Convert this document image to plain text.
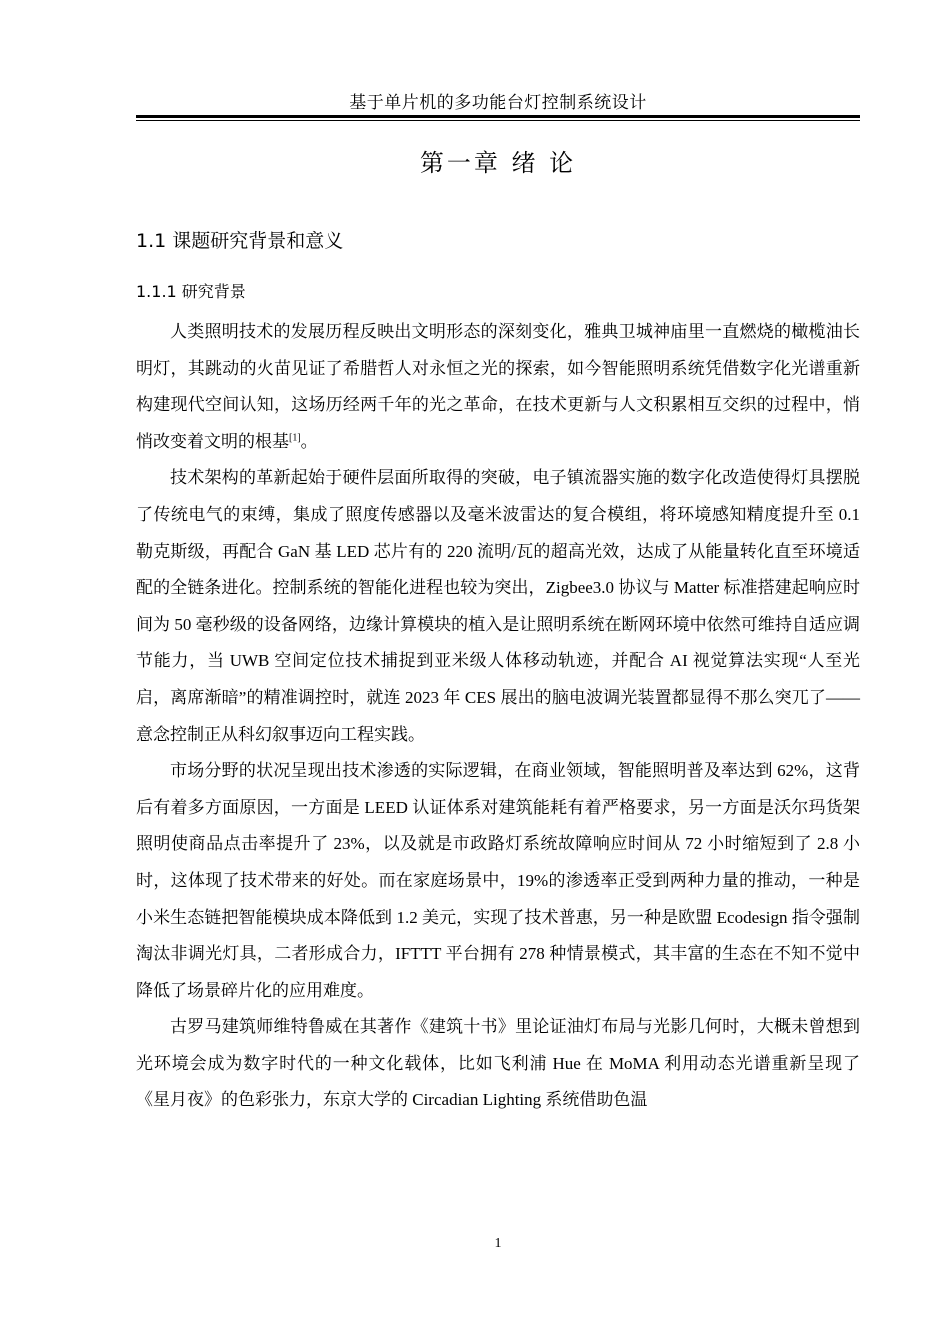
基于单片机的多功能台灯控制系统设计
第一章 绪 论
1.1 课题研究背景和意义
1.1.1 研究背景

人类照明技术的发展历程反映出文明形态的深刻变化，雅典卫城神庙里一直燃烧的橄榄油长明灯，其跳动的火苗见证了希腊哲人对永恒之光的探索，如今智能照明系统凭借数字化光谱重新构建现代空间认知，这场历经两千年的光之革命，在技术更新与人文积累相互交织的过程中，悄悄改变着文明的根基[1]。

技术架构的革新起始于硬件层面所取得的突破，电子镇流器实施的数字化改造使得灯具摆脱了传统电气的束缚，集成了照度传感器以及毫米波雷达的复合模组，将环境感知精度提升至 0.1 勒克斯级，再配合 GaN 基 LED 芯片有的 220 流明/瓦的超高光效，达成了从能量转化直至环境适配的全链条进化。控制系统的智能化进程也较为突出，Zigbee3.0 协议与 Matter 标准搭建起响应时间为 50 毫秒级的设备网络，边缘计算模块的植入是让照明系统在断网环境中依然可维持自适应调节能力，当 UWB 空间定位技术捕捉到亚米级人体移动轨迹，并配合 AI 视觉算法实现“人至光启，离席渐暗”的精准调控时，就连 2023 年 CES 展出的脑电波调光装置都显得不那么突兀了——意念控制正从科幻叙事迈向工程实践。

市场分野的状况呈现出技术渗透的实际逻辑，在商业领域，智能照明普及率达到 62%，这背后有着多方面原因，一方面是 LEED 认证体系对建筑能耗有着严格要求，另一方面是沃尔玛货架照明使商品点击率提升了 23%，以及就是市政路灯系统故障响应时间从 72 小时缩短到了 2.8 小时，这体现了技术带来的好处。而在家庭场景中，19%的渗透率正受到两种力量的推动，一种是小米生态链把智能模块成本降低到 1.2 美元，实现了技术普惠，另一种是欧盟 Ecodesign 指令强制淘汰非调光灯具，二者形成合力，IFTTT 平台拥有 278 种情景模式，其丰富的生态在不知不觉中降低了场景碎片化的应用难度。

古罗马建筑师维特鲁威在其著作《建筑十书》里论证油灯布局与光影几何时，大概未曾想到光环境会成为数字时代的一种文化载体，比如飞利浦 Hue 在 MoMA 利用动态光谱重新呈现了《星月夜》的色彩张力，东京大学的 Circadian Lighting 系统借助色温

1
